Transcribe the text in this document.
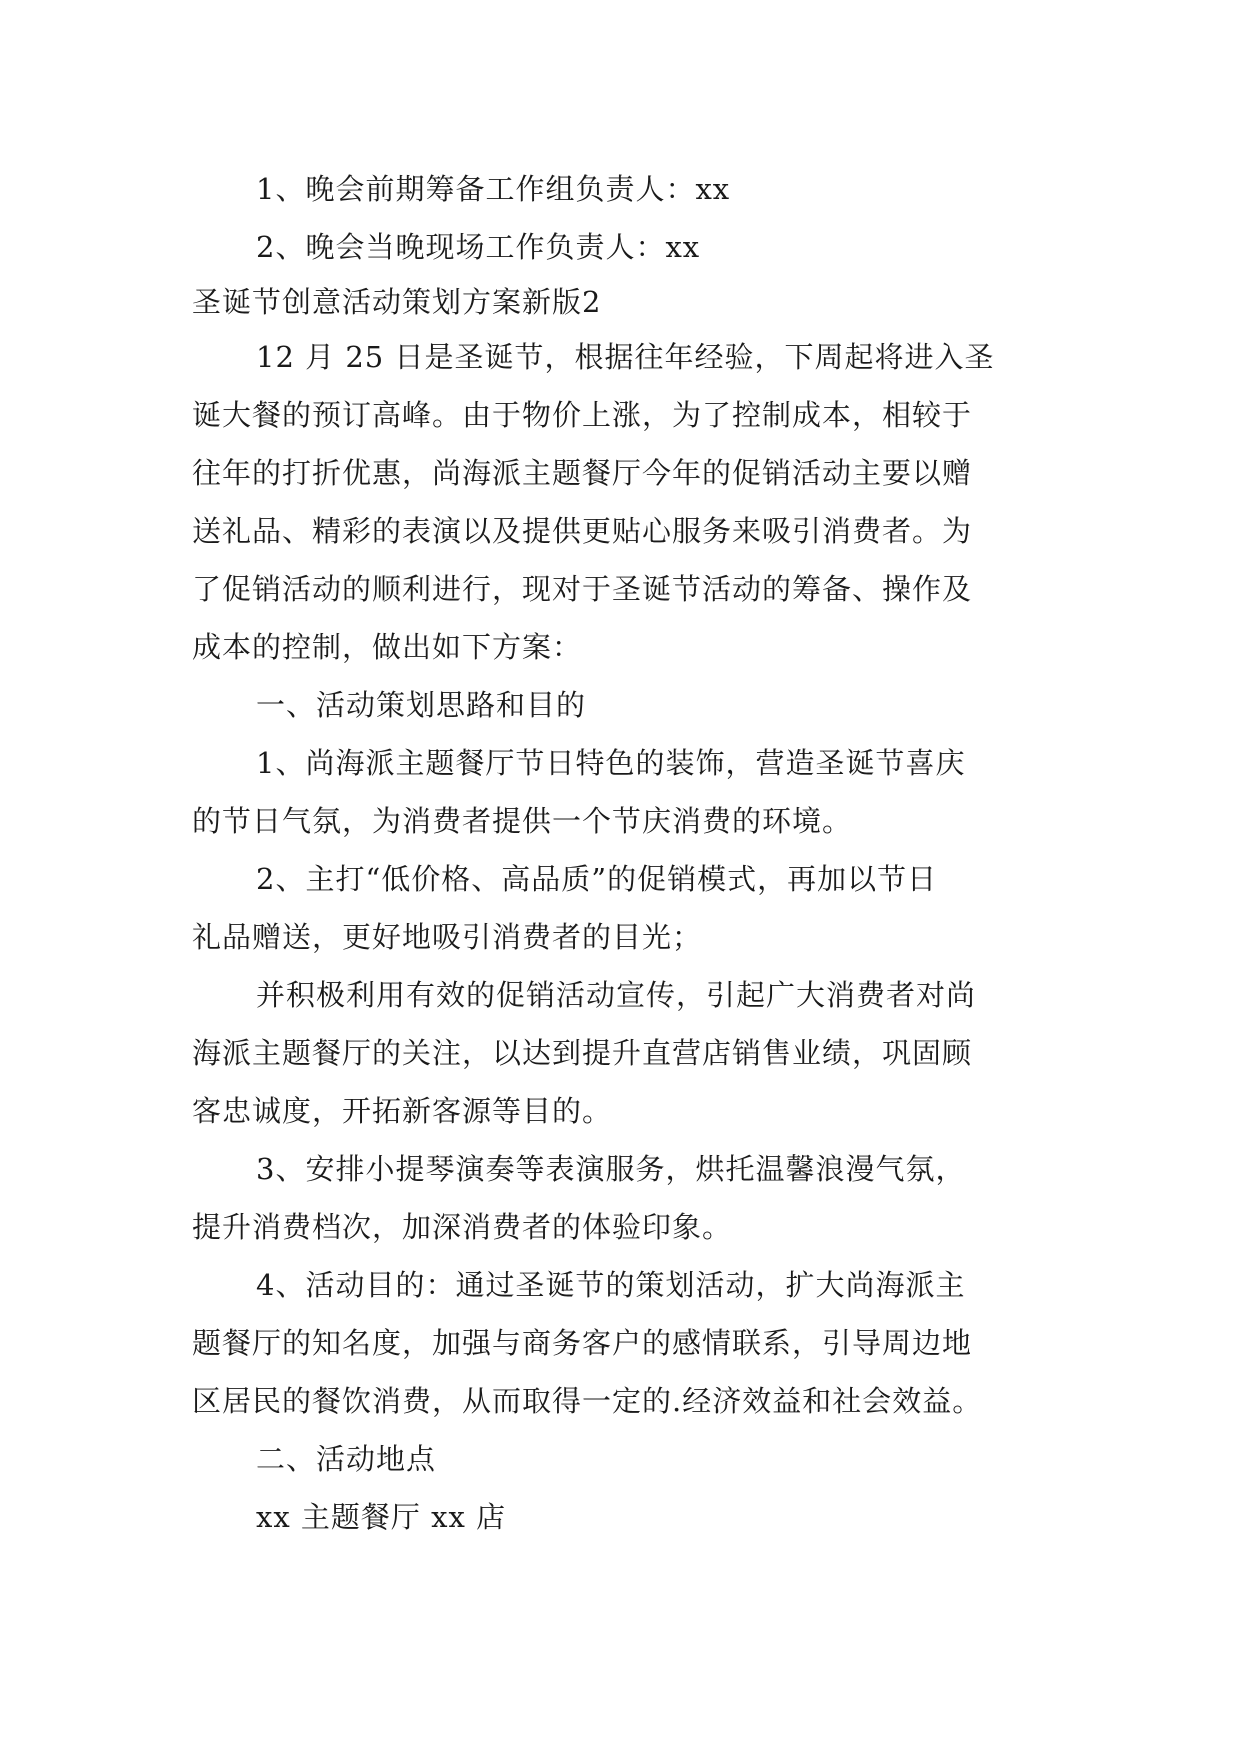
1、晚会前期筹备工作组负责人：xx
2、晚会当晚现场工作负责人：xx
圣诞节创意活动策划方案新版2
12 月 25 日是圣诞节，根据往年经验，下周起将进入圣
诞大餐的预订高峰。由于物价上涨，为了控制成本，相较于
往年的打折优惠，尚海派主题餐厅今年的促销活动主要以赠
送礼品、精彩的表演以及提供更贴心服务来吸引消费者。为
了促销活动的顺利进行，现对于圣诞节活动的筹备、操作及
成本的控制，做出如下方案：
一、活动策划思路和目的
1、尚海派主题餐厅节日特色的装饰，营造圣诞节喜庆
的节日气氛，为消费者提供一个节庆消费的环境。
2、主打“低价格、高品质”的促销模式，再加以节日
礼品赠送，更好地吸引消费者的目光；
并积极利用有效的促销活动宣传，引起广大消费者对尚
海派主题餐厅的关注，以达到提升直营店销售业绩，巩固顾
客忠诚度，开拓新客源等目的。
3、安排小提琴演奏等表演服务，烘托温馨浪漫气氛，
提升消费档次，加深消费者的体验印象。
4、活动目的：通过圣诞节的策划活动，扩大尚海派主
题餐厅的知名度，加强与商务客户的感情联系，引导周边地
区居民的餐饮消费，从而取得一定的.经济效益和社会效益。
二、活动地点
xx 主题餐厅 xx 店
